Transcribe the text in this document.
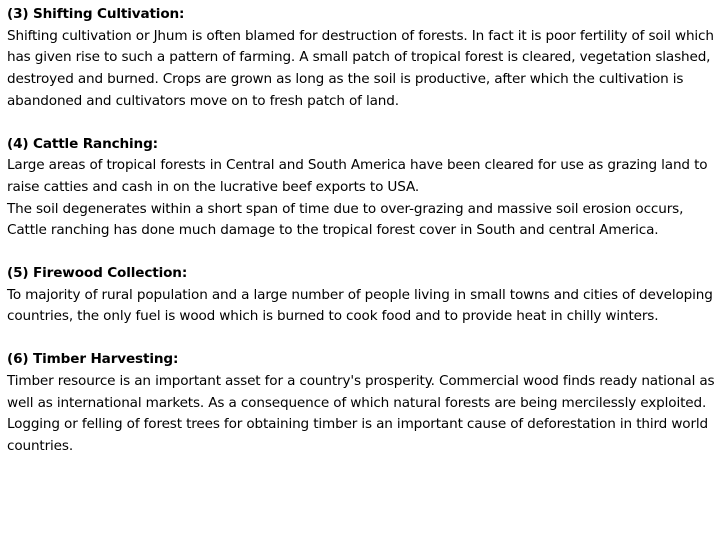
(3) Shifting Cultivation:
Shifting cultivation or Jhum is often blamed for destruction of forests. In fact it is poor fertility of soil which has given rise to such a pattern of farming. A small patch of tropical forest is cleared, vegetation slashed, destroyed and burned. Crops are grown as long as the soil is productive, after which the cultivation is abandoned and cultivators move on to fresh patch of land.
(4) Cattle Ranching:
Large areas of tropical forests in Central and South America have been cleared for use as grazing land to raise catties and cash in on the lucrative beef exports to USA.
The soil degenerates within a short span of time due to over-grazing and massive soil erosion occurs, Cattle ranching has done much damage to the tropical forest cover in South and central America.
(5) Firewood Collection:
To majority of rural population and a large number of people living in small towns and cities of developing countries, the only fuel is wood which is burned to cook food and to provide heat in chilly winters.
(6) Timber Harvesting:
Timber resource is an important asset for a country's prosperity. Commercial wood finds ready national as well as international markets. As a consequence of which natural forests are being mercilessly exploited. Logging or felling of forest trees for obtaining timber is an important cause of deforestation in third world countries.
